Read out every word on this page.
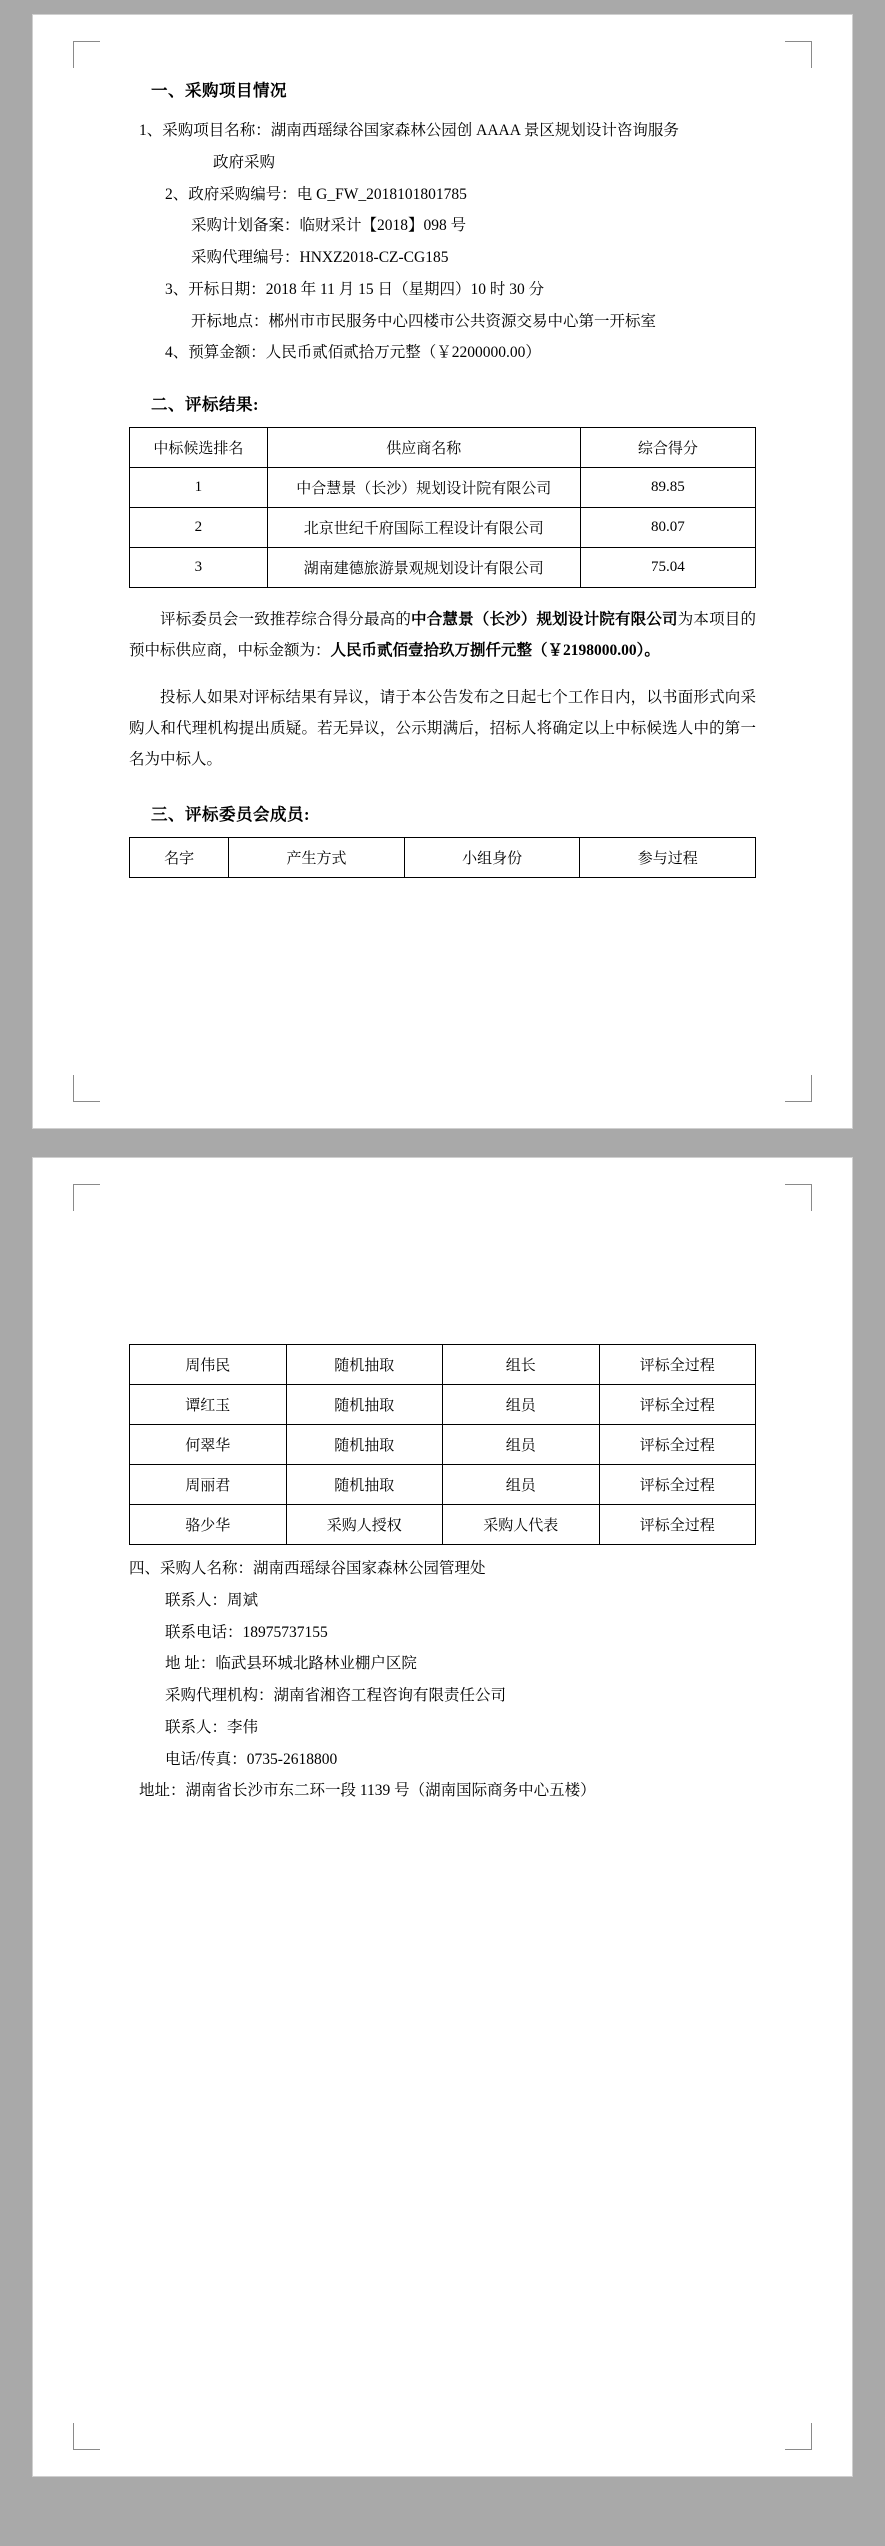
一、采购项目情况

1、采购项目名称：湖南西瑶绿谷国家森林公园创 AAAA 景区规划设计咨询服务

政府采购

2、政府采购编号：电 G_FW_2018101801785

采购计划备案：临财采计【2018】098 号

采购代理编号：HNXZ2018-CZ-CG185

3、开标日期：2018 年 11 月 15 日（星期四）10 时 30 分

开标地点：郴州市市民服务中心四楼市公共资源交易中心第一开标室

4、预算金额：人民币贰佰贰拾万元整（￥2200000.00）

二、评标结果:
中标候选排名	供应商名称	综合得分
1	中合慧景（长沙）规划设计院有限公司	89.85
2	北京世纪千府国际工程设计有限公司	80.07
3	湖南建德旅游景观规划设计有限公司	75.04

评标委员会一致推荐综合得分最高的中合慧景（长沙）规划设计院有限公司为本项目的预中标供应商，中标金额为：人民币贰佰壹拾玖万捌仟元整（￥2198000.00）。

投标人如果对评标结果有异议，请于本公告发布之日起七个工作日内，以书面形式向采购人和代理机构提出质疑。若无异议，公示期满后，招标人将确定以上中标候选人中的第一名为中标人。

三、评标委员会成员:
名字	产生方式	小组身份	参与过程
周伟民	随机抽取	组长	评标全过程
谭红玉	随机抽取	组员	评标全过程
何翠华	随机抽取	组员	评标全过程
周丽君	随机抽取	组员	评标全过程
骆少华	采购人授权	采购人代表	评标全过程

四、采购人名称：湖南西瑶绿谷国家森林公园管理处

联系人：周斌

联系电话：18975737155

地 址：临武县环城北路林业棚户区院

采购代理机构：湖南省湘咨工程咨询有限责任公司

联系人：李伟

电话/传真：0735-2618800

地址：湖南省长沙市东二环一段 1139 号（湖南国际商务中心五楼）
